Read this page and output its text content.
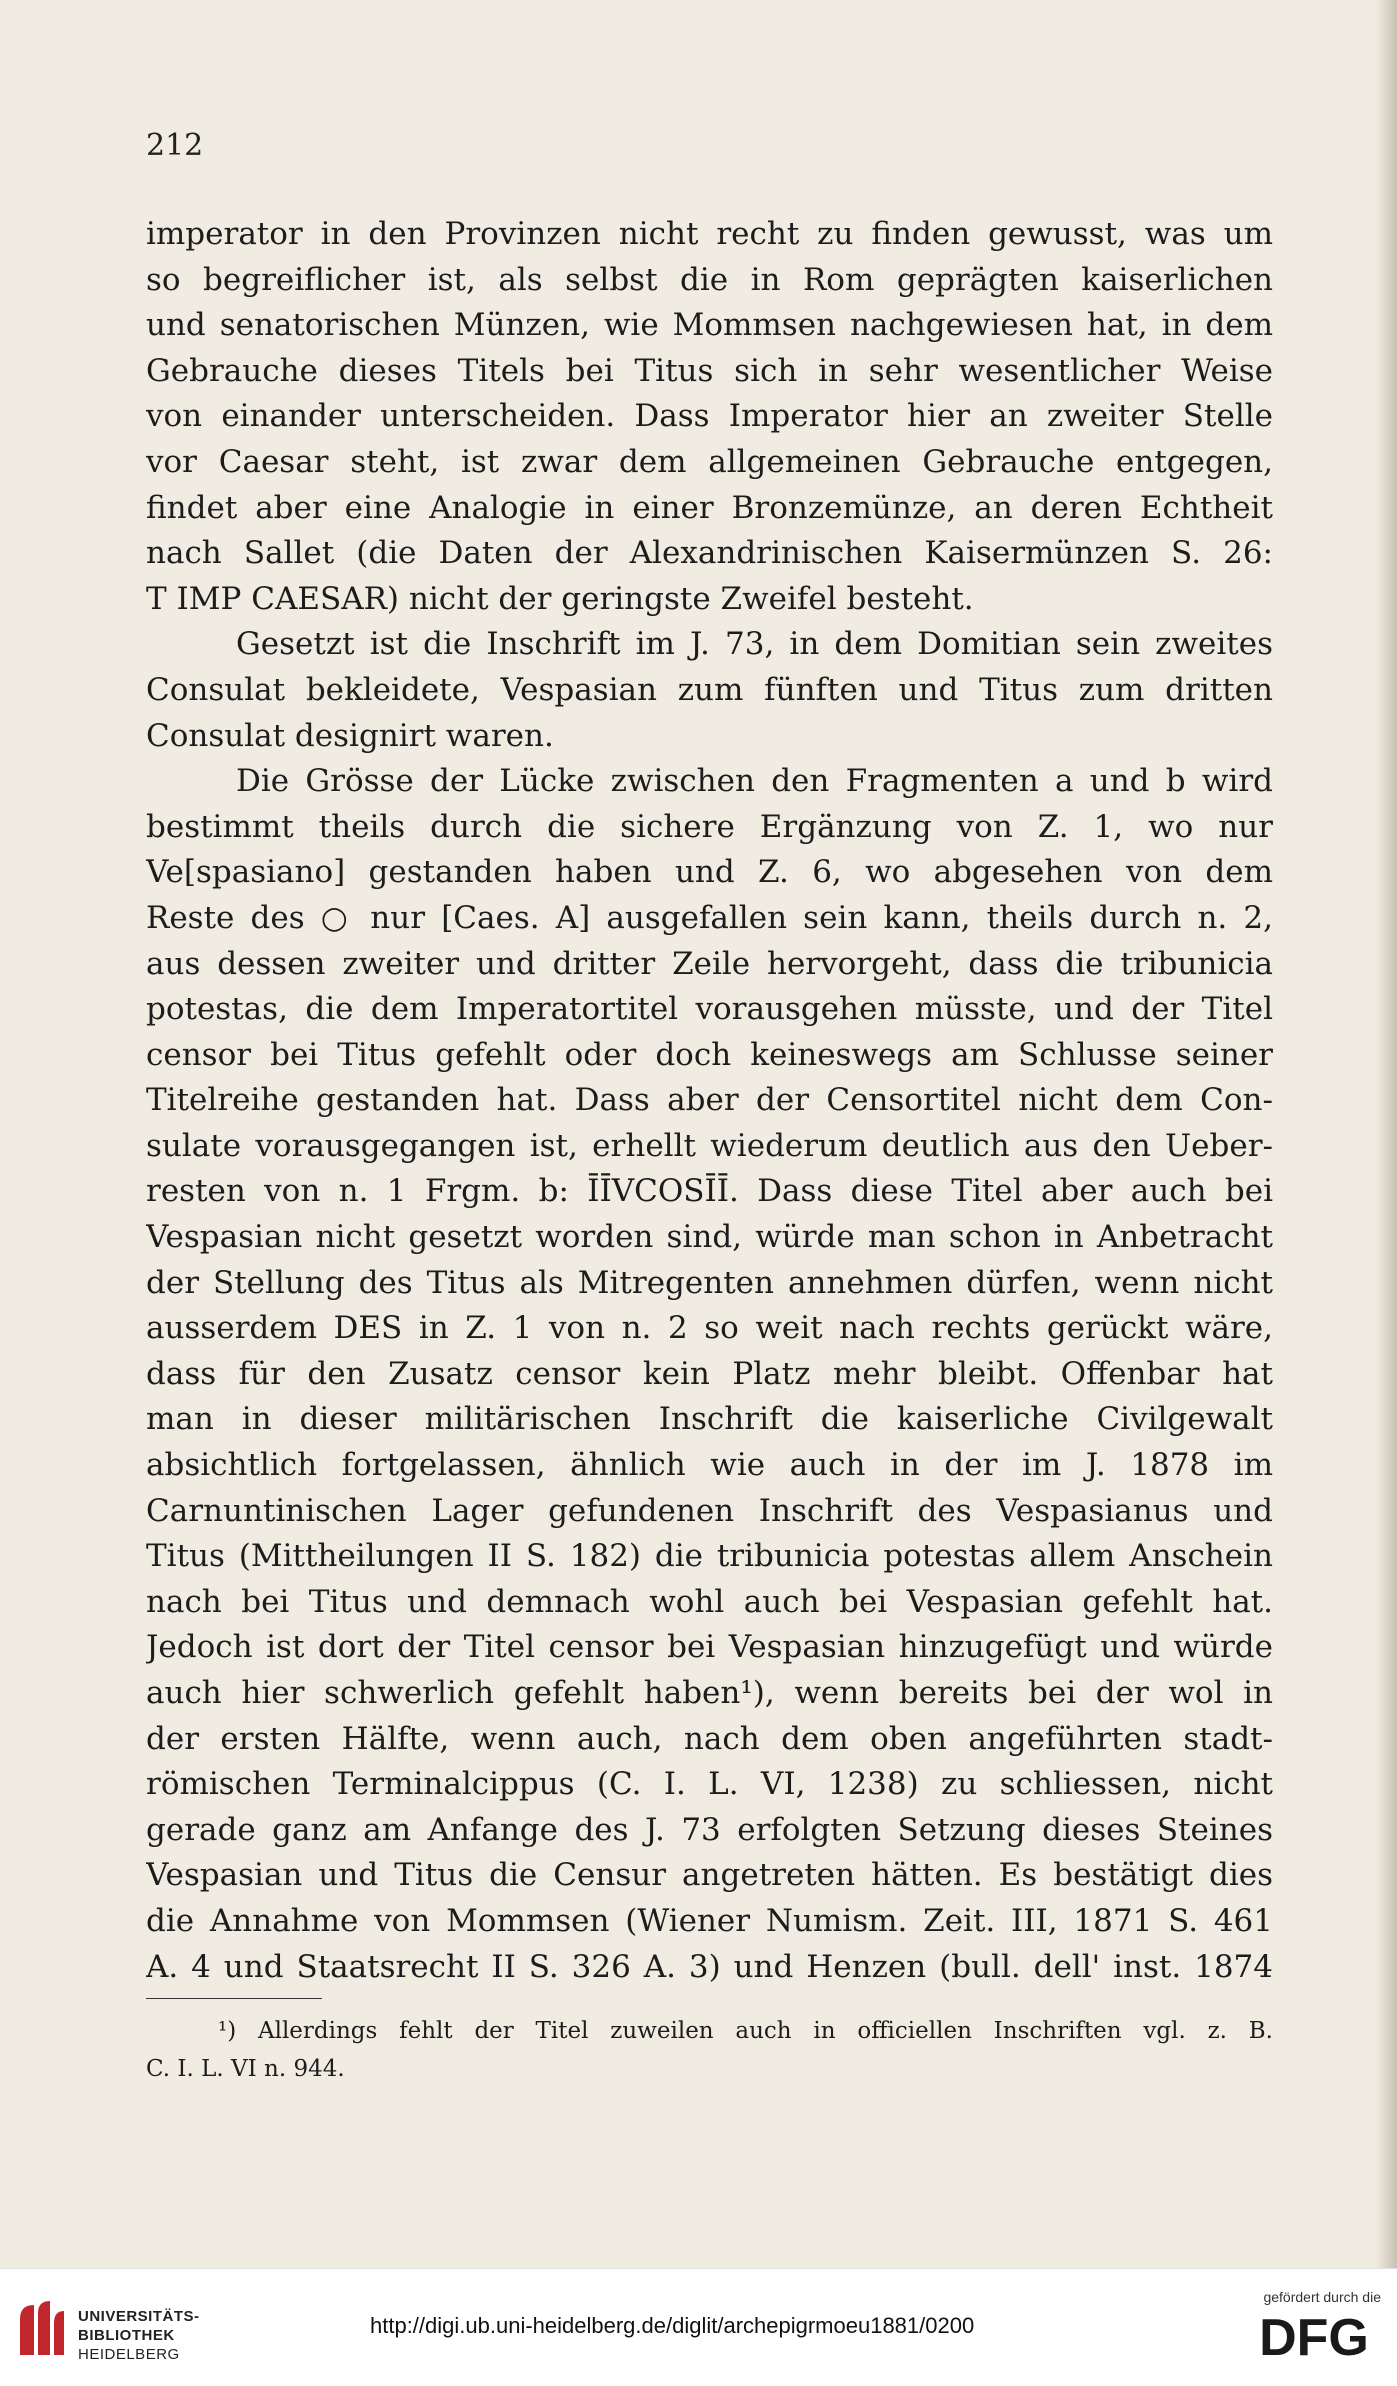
212
imperator in den Provinzen nicht recht zu finden gewusst, was um
so begreiflicher ist, als selbst die in Rom geprägten kaiserlichen
und senatorischen Münzen, wie Mommsen nachgewiesen hat, in dem
Gebrauche dieses Titels bei Titus sich in sehr wesentlicher Weise
von einander unterscheiden. Dass Imperator hier an zweiter Stelle
vor Caesar steht, ist zwar dem allgemeinen Gebrauche entgegen,
findet aber eine Analogie in einer Bronzemünze, an deren Echtheit
nach Sallet (die Daten der Alexandrinischen Kaisermünzen S. 26:
T IMP CAESAR) nicht der geringste Zweifel besteht.
Gesetzt ist die Inschrift im J. 73, in dem Domitian sein zweites
Consulat bekleidete, Vespasian zum fünften und Titus zum dritten
Consulat designirt waren.
Die Grösse der Lücke zwischen den Fragmenten a und b wird
bestimmt theils durch die sichere Ergänzung von Z. 1, wo nur
Ve[spasiano] gestanden haben und Z. 6, wo abgesehen von dem
Reste des ○ nur [Caes. A] ausgefallen sein kann, theils durch n. 2,
aus dessen zweiter und dritter Zeile hervorgeht, dass die tribunicia
potestas, die dem Imperatortitel vorausgehen müsste, und der Titel
censor bei Titus gefehlt oder doch keineswegs am Schlusse seiner
Titelreihe gestanden hat. Dass aber der Censortitel nicht dem Con-
sulate vorausgegangen ist, erhellt wiederum deutlich aus den Ueber-
resten von n. 1 Frgm. b: ĪĪVCOSĪĪ. Dass diese Titel aber auch bei
Vespasian nicht gesetzt worden sind, würde man schon in Anbetracht
der Stellung des Titus als Mitregenten annehmen dürfen, wenn nicht
ausserdem DES in Z. 1 von n. 2 so weit nach rechts gerückt wäre,
dass für den Zusatz censor kein Platz mehr bleibt. Offenbar hat
man in dieser militärischen Inschrift die kaiserliche Civilgewalt
absichtlich fortgelassen, ähnlich wie auch in der im J. 1878 im
Carnuntinischen Lager gefundenen Inschrift des Vespasianus und
Titus (Mittheilungen II S. 182) die tribunicia potestas allem Anschein
nach bei Titus und demnach wohl auch bei Vespasian gefehlt hat.
Jedoch ist dort der Titel censor bei Vespasian hinzugefügt und würde
auch hier schwerlich gefehlt haben¹), wenn bereits bei der wol in
der ersten Hälfte, wenn auch, nach dem oben angeführten stadt-
römischen Terminalcippus (C. I. L. VI, 1238) zu schliessen, nicht
gerade ganz am Anfange des J. 73 erfolgten Setzung dieses Steines
Vespasian und Titus die Censur angetreten hätten. Es bestätigt dies
die Annahme von Mommsen (Wiener Numism. Zeit. III, 1871 S. 461
A. 4 und Staatsrecht II S. 326 A. 3) und Henzen (bull. dell' inst. 1874
¹) Allerdings fehlt der Titel zuweilen auch in officiellen Inschriften vgl. z. B.
C. I. L. VI n. 944.
UNIVERSITÄTS-
BIBLIOTHEK
HEIDELBERG
http://digi.ub.uni-heidelberg.de/diglit/archepigrmoeu1881/0200
gefördert durch die
DFG
